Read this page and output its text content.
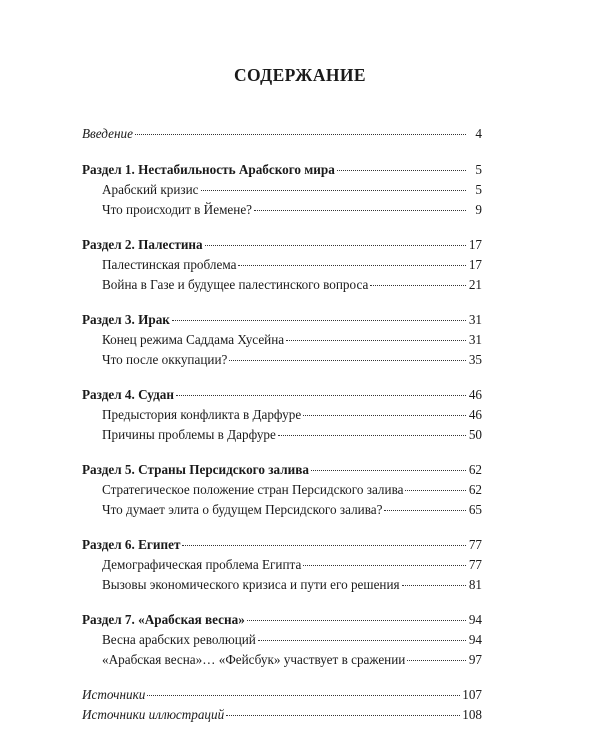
СОДЕРЖАНИЕ
Введение	4
Раздел 1. Нестабильность Арабского мира	5
Арабский кризис	5
Что происходит в Йемене?	9
Раздел 2. Палестина	17
Палестинская проблема	17
Война в Газе и будущее палестинского вопроса	21
Раздел 3. Ирак	31
Конец режима Саддама Хусейна	31
Что после оккупации?	35
Раздел 4. Судан	46
Предыстория конфликта в Дарфуре	46
Причины проблемы в Дарфуре	50
Раздел 5. Страны Персидского залива	62
Стратегическое положение стран Персидского залива	62
Что думает элита о будущем Персидского залива?	65
Раздел 6. Египет	77
Демографическая проблема Египта	77
Вызовы экономического кризиса и пути его решения	81
Раздел 7. «Арабская весна»	94
Весна арабских революций	94
«Арабская весна»… «Фейсбук» участвует в сражении	97
Источники	107
Источники иллюстраций	108
